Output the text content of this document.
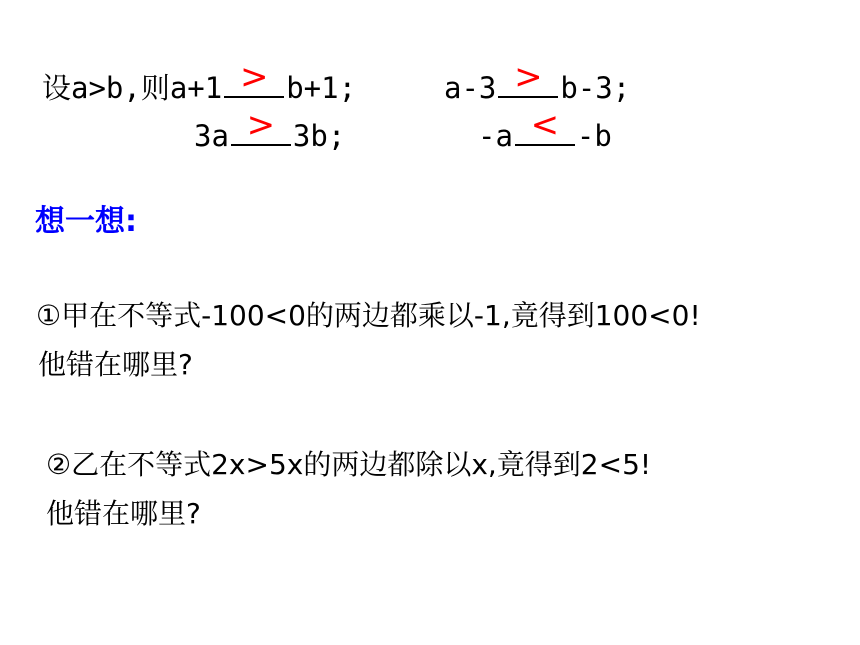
设a>b,则a+1 > b+1;	a-3 > b-3;
3a > 3b;	-a < -b
想一想:
①甲在不等式-100<0的两边都乘以-1,竟得到100<0!
他错在哪里?
②乙在不等式2x>5x的两边都除以x,竟得到2<5!
他错在哪里?
